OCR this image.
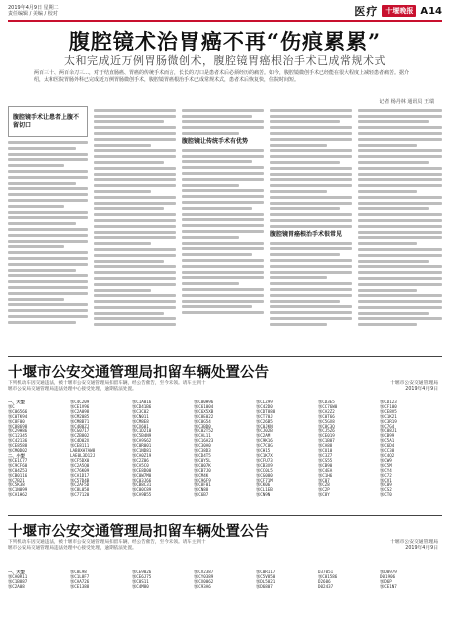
2019年4月9日 星期二
责任编辑 / 美编 / 校对	医疗	十堰晚报 A14
腹腔镜术治胃癌不再“伤痕累累”
太和完成近万例胃肠微创术，腹腔镜胃癌根治手术已成常规术式
两百三十、两百余刀三…，对于结直肠癌、胃癌的传统手术而言，长长的刀口是患者术后必须经历的痛苦。如今，腹腔镜微创手术已经能在很大程度上减轻患者痛苦。据介绍，太和医院胃肠外科已完成近万例胃肠微创手术，腹腔镜胃癌根治手术已成常规术式，患者术后恢复快，住院时间短。
记者 杨丹林 通讯员 王瑞
腹腔镜手术让患者上腹不留切口
腹腔镜让传统手术有优势
腹腔镜胃癌根治手术很常见
十堰市公安交通管理局扣留车辆处置公告
下列机动车因交通违法，被十堰市公安交通管理局扣留车辆，经公告催告，至今未领。请车主到十堰市公安局交通管理局违法处理中心接受处理，逾期依法处置。
十堰市公安交通管理局
2019年4月9日
一、大型
鄂C
鄂C06566
鄂C0TK94
鄂C8F00
鄂C88698
鄂C29H86
鄂C12345
鄂C42136
鄂CE8588
鄂CM0D02
二、小型
鄂CE1C77
鄂C9CF60
鄂C04Z53
鄂CB0116
鄂C7B21
鄂C5K38
鄂C1N099
鄂CA1H62
鄂C4C209
鄂CE1V96
鄂C2A098
鄂CM2085
鄂CM8B71
鄂C4B0ZJ
鄂CG0717
鄂CZB802
鄂C4D02X
鄂CE8111
LAB8XH7AW8
LAE0L3D12J
鄂CF5DX0
鄂C2A5Q0
鄂C76K09
鄂CA1D17
鄂C57D4B
鄂C2AF5D
鄂C8L058
鄂C77120
鄂C1A016
鄂CD41B6
鄂C3C02
鄂CN011
鄂CM8E8
鄂CX601
鄂C1D210
鄂C5B4N9
鄂CA9S62
鄂C0R001
鄂C1ND81
鄂CA0Z19
鄂C2Z06
鄂CA5C0
鄂CE8D00
鄂C0W7M0
鄂C03J66
鄂CB8C31
鄂C00C89
鄂CA9B55
鄂C00H96
鄂C61004
鄂C6X5XB
鄂C8E022
鄂C0G54
鄂C3BD0
鄂C02T52
鄂CAL11
鄂C16A23
鄂C30A0
鄂C38D3
鄂CD4T5
鄂C0Y5L
鄂C007K
鄂CB7J0
鄂CM4K
鄂C96F9
鄂C8F01
鄂CN88
鄂C6B7
鄂CLZ99
鄂C42D0
鄂CDT888
鄂CT70J
鄂C26B5
鄂C0JKN
鄂CJ02B
鄂C2AM
鄂C9K16
鄂C7C8G
鄂CH15
鄂C1K7X
鄂CFU73
鄂CB3X9
鄂CC0L5
鄂CG080
鄂CF71M
鄂CK06
鄂CL1EB
鄂CN9N
鄂CD3E5
鄂CC76W0
鄂CA2Z2
鄂C0T66
鄂C5GX8
鄂C8C3Q
鄂CJ5Z6
鄂CE019
鄂C1B07
鄂CA88
鄂CU10
鄂C3Z7
鄂CS55
鄂CB90
鄂C4EA
鄂C1H6
鄂C07
鄂CZ8
鄂C2P
鄂C8Y
鄂CD123
鄂CF100
鄂CE8V5
鄂C1K21
鄂C3R19
鄂C7G4
鄂C08J1
鄂CB99
鄂C5A1
鄂C6D4
鄂CC38
鄂C4Q2
鄂CW9
鄂C5M
鄂CY4
鄂C72
鄂CV1
鄂C09
鄂CS2
鄂CT0
十堰市公安交通管理局扣留车辆处置公告
下列机动车因交通违法，被十堰市公安交通管理局扣留车辆，经公告催告，至今未领。请车主到十堰市公安局交通管理局违法处理中心接受处理，逾期依法处置。
十堰市公安交通管理局
2019年4月9日
一、大型
鄂CA0R11
鄂C1B887
鄂C2A08
鄂C8L98
鄂C1L8F7
鄂CAA726
鄂CE1388
鄂CE9026
鄂CE6J75
鄂C0S11
鄂C4M80
鄂CV2387
鄂CY0389
鄂CX0062
鄂C93A6
鄂C0R117
鄂C5V850
鄂DL5021
鄂D6807
D37051
鄂C01586
D2606
D02437
鄂D0979
D01906
鄂D6P
鄂CE1N7
